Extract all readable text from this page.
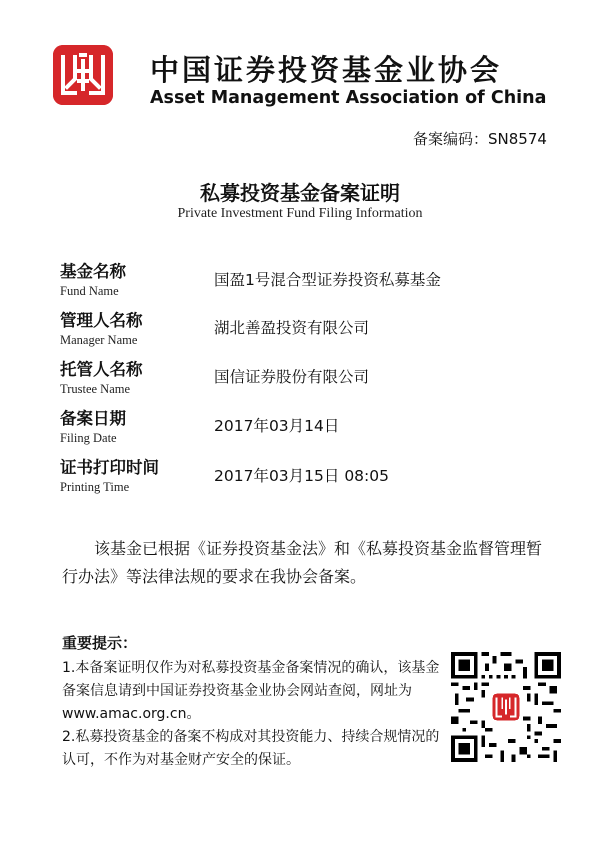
中国证券投资基金业协会
Asset Management Association of China
备案编码：SN8574
私募投资基金备案证明
Private Investment Fund Filing Information
基金名称
Fund Name
国盈1号混合型证券投资私募基金
管理人名称
Manager Name
湖北善盈投资有限公司
托管人名称
Trustee Name
国信证券股份有限公司
备案日期
Filing Date
2017年03月14日
证书打印时间
Printing Time
2017年03月15日 08:05
该基金已根据《证券投资基金法》和《私募投资基金监督管理暂行办法》等法律法规的要求在我协会备案。
重要提示：

1.本备案证明仅作为对私募投资基金备案情况的确认，该基金备案信息请到中国证券投资基金业协会网站查阅，网址为www.amac.org.cn。

2.私募投资基金的备案不构成对其投资能力、持续合规情况的认可，不作为对基金财产安全的保证。
